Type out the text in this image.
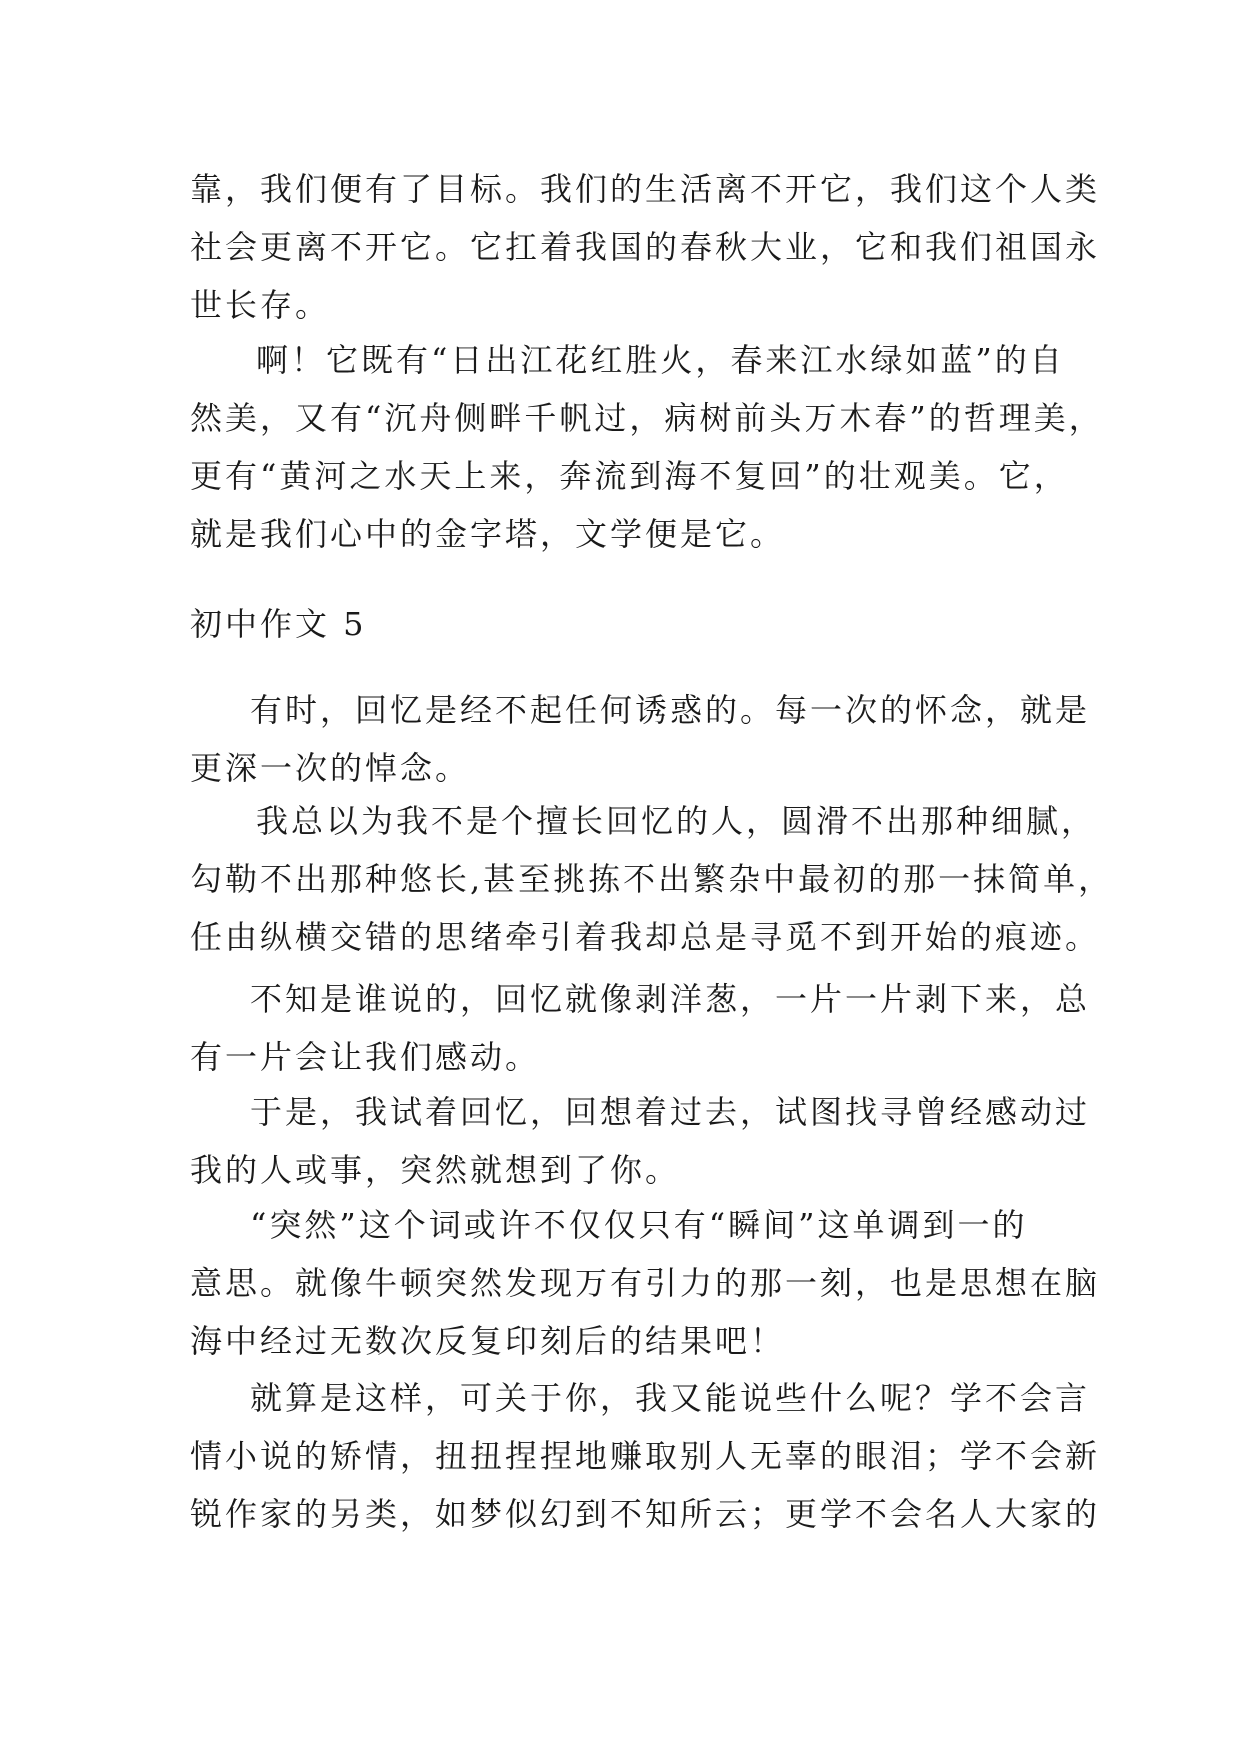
靠，我们便有了目标。我们的生活离不开它，我们这个人类
社会更离不开它。它扛着我国的春秋大业，它和我们祖国永
世长存。
啊！它既有“日出江花红胜火，春来江水绿如蓝”的自
然美，又有“沉舟侧畔千帆过，病树前头万木春”的哲理美，
更有“黄河之水天上来，奔流到海不复回”的壮观美。它，
就是我们心中的金字塔，文学便是它。
初中作文 5
有时，回忆是经不起任何诱惑的。每一次的怀念，就是
更深一次的悼念。
我总以为我不是个擅长回忆的人，圆滑不出那种细腻，
勾勒不出那种悠长,甚至挑拣不出繁杂中最初的那一抹简单，
任由纵横交错的思绪牵引着我却总是寻觅不到开始的痕迹。
不知是谁说的，回忆就像剥洋葱，一片一片剥下来，总
有一片会让我们感动。
于是，我试着回忆，回想着过去，试图找寻曾经感动过
我的人或事，突然就想到了你。
“突然”这个词或许不仅仅只有“瞬间”这单调到一的
意思。就像牛顿突然发现万有引力的那一刻，也是思想在脑
海中经过无数次反复印刻后的结果吧！
就算是这样，可关于你，我又能说些什么呢？学不会言
情小说的矫情，扭扭捏捏地赚取别人无辜的眼泪；学不会新
锐作家的另类，如梦似幻到不知所云；更学不会名人大家的
